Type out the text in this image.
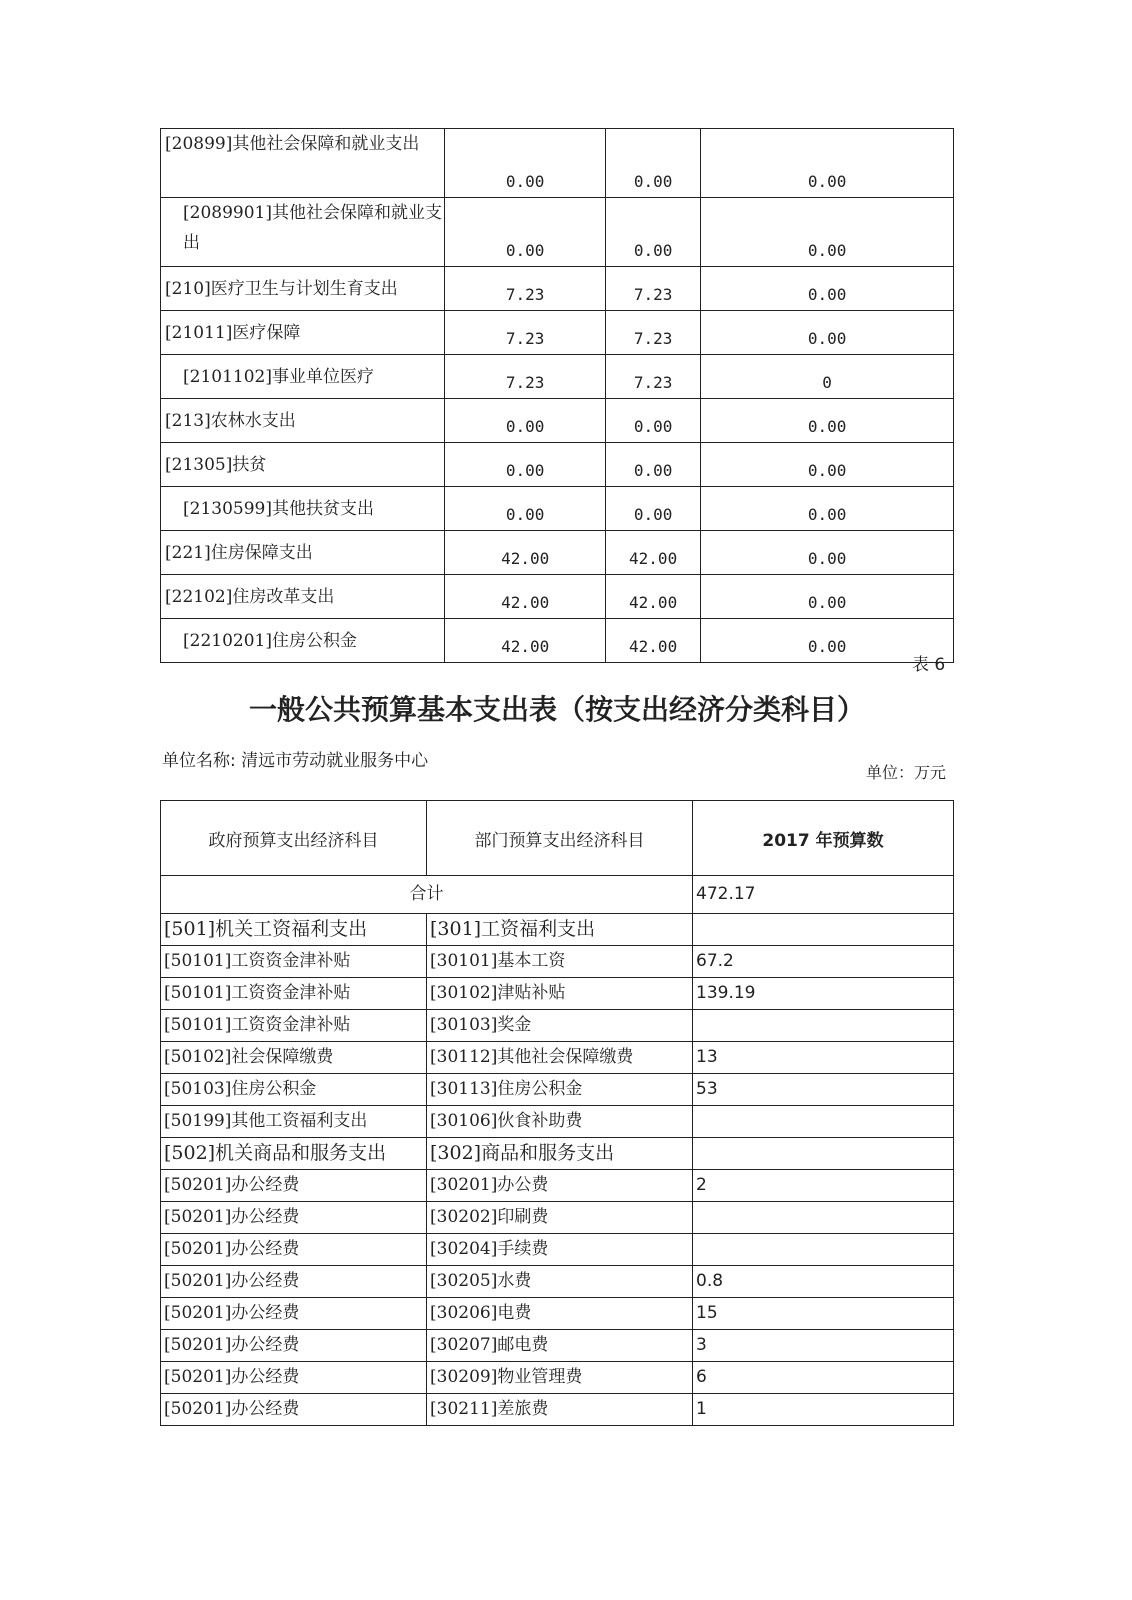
[20899]其他社会保障和就业支出	0.00	0.00	0.00
[2089901]其他社会保障和就业支出	0.00	0.00	0.00
[210]医疗卫生与计划生育支出	7.23	7.23	0.00
[21011]医疗保障	7.23	7.23	0.00
[2101102]事业单位医疗	7.23	7.23	0
[213]农林水支出	0.00	0.00	0.00
[21305]扶贫	0.00	0.00	0.00
[2130599]其他扶贫支出	0.00	0.00	0.00
[221]住房保障支出	42.00	42.00	0.00
[22102]住房改革支出	42.00	42.00	0.00
[2210201]住房公积金	42.00	42.00	0.00
表 6
一般公共预算基本支出表（按支出经济分类科目）
单位名称: 清远市劳动就业服务中心
单位：万元
政府预算支出经济科目	部门预算支出经济科目	2017 年预算数
合计		472.17
[501]机关工资福利支出	[301]工资福利支出	
[50101]工资资金津补贴	[30101]基本工资	67.2
[50101]工资资金津补贴	[30102]津贴补贴	139.19
[50101]工资资金津补贴	[30103]奖金	
[50102]社会保障缴费	[30112]其他社会保障缴费	13
[50103]住房公积金	[30113]住房公积金	53
[50199]其他工资福利支出	[30106]伙食补助费	
[502]机关商品和服务支出	[302]商品和服务支出	
[50201]办公经费	[30201]办公费	2
[50201]办公经费	[30202]印刷费	
[50201]办公经费	[30204]手续费	
[50201]办公经费	[30205]水费	0.8
[50201]办公经费	[30206]电费	15
[50201]办公经费	[30207]邮电费	3
[50201]办公经费	[30209]物业管理费	6
[50201]办公经费	[30211]差旅费	1
